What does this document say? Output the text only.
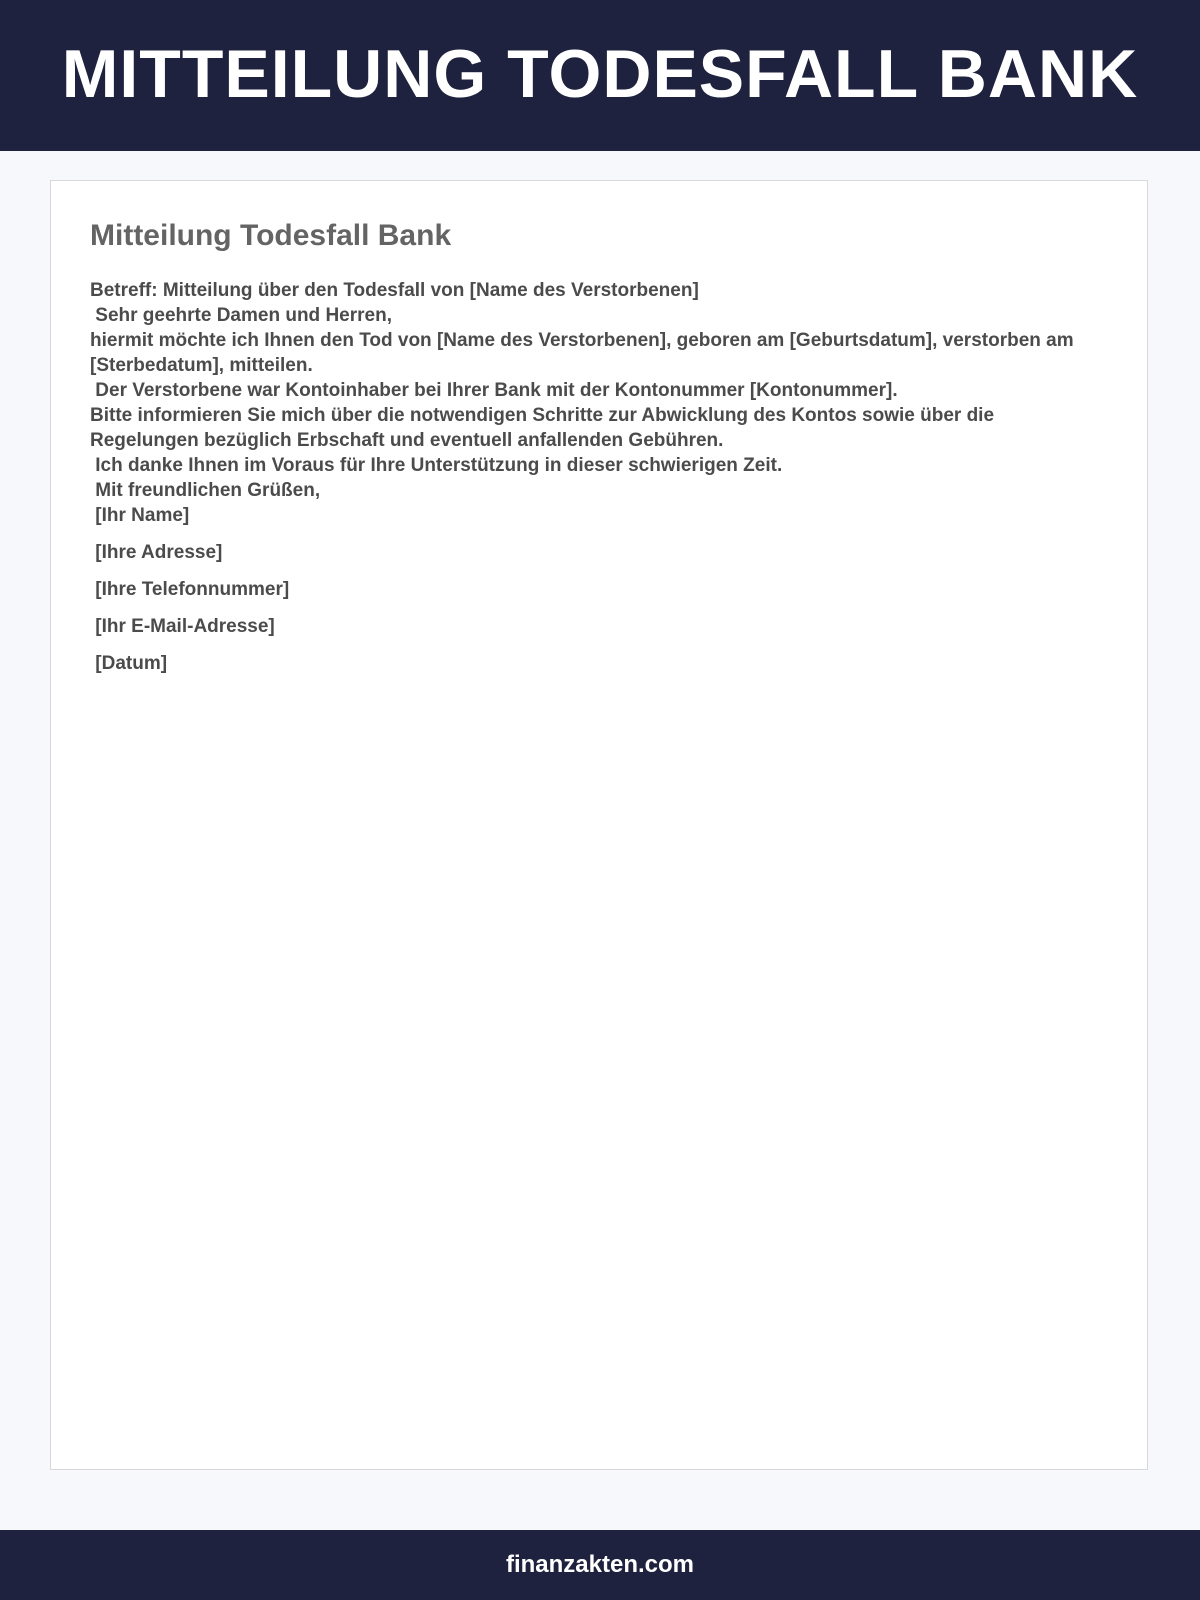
MITTEILUNG TODESFALL BANK
Mitteilung Todesfall Bank
Betreff: Mitteilung über den Todesfall von [Name des Verstorbenen]
Sehr geehrte Damen und Herren,
hiermit möchte ich Ihnen den Tod von [Name des Verstorbenen], geboren am [Geburtsdatum], verstorben am [Sterbedatum], mitteilen.
Der Verstorbene war Kontoinhaber bei Ihrer Bank mit der Kontonummer [Kontonummer].
Bitte informieren Sie mich über die notwendigen Schritte zur Abwicklung des Kontos sowie über die Regelungen bezüglich Erbschaft und eventuell anfallenden Gebühren.
Ich danke Ihnen im Voraus für Ihre Unterstützung in dieser schwierigen Zeit.
Mit freundlichen Grüßen,
[Ihr Name]
[Ihre Adresse]
[Ihre Telefonnummer]
[Ihr E-Mail-Adresse]
[Datum]
finanzakten.com
